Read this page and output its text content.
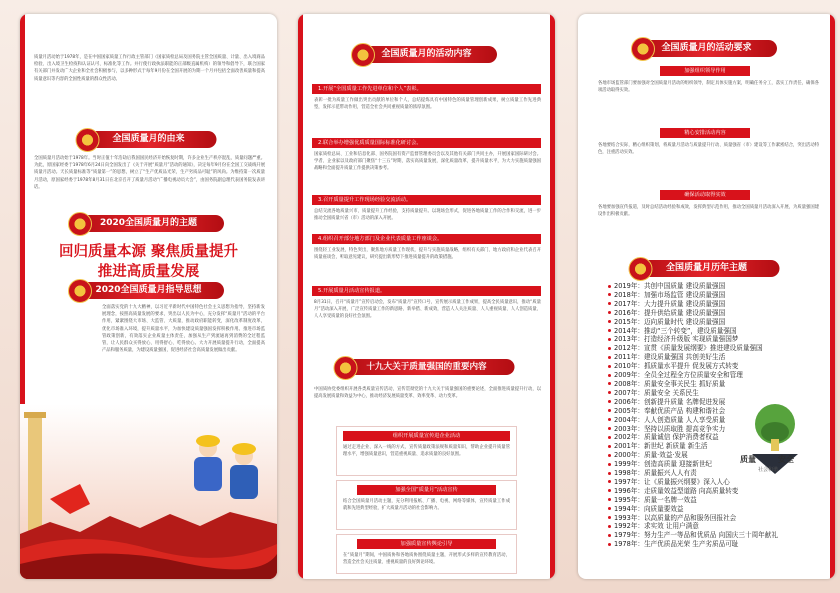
质量月活动始于1978年，是在中国国家质量工作行政主管部门（国家质检总局及国务院主管全国质量、计量、出入境商品检验、出入境卫生检疫和认证认可、标准化等工作。并行使行政执法职能的正部级直属机构）的领导和倡导下，联合国家有关部门并发动广大企业和全社会积极参与，以多种形式于每年9月份在全国开展的为期一个月并包括全面改善质量和提高质量意识等内容的全国性质量的群众性活动。
全国质量月的由来
全国质量月活动始于1978年。当时正值十年浩劫后我国国民经济开始恢复时期，许多企业生产秩序混乱，质量问题严重。为此，原国家经委于1978年6月24日向全国发出了《关于开展“质量月”活动的通知》，决定每年9月份在全国工交战线开展质量月活动。天长质量标准等“质量第一”的思想，树立了“生产优质品光荣，生产劣质品可耻”的风尚。为维持第一次质量月活动，原国家经委于1978年8月31日在北京召开了质量月活动“广播电视动员大会”，由国务院副总理代表国务院发表讲话。
2020全国质量月的主题
回归质量本源 聚焦质量提升
推进高质量发展
2020全国质量月指导思想
全面落实党的十九大精神，以习近平新时代中国特色社会主义思想为指导，坚持新发展理念，按照高质量发展的要求，突出以人民为中心，充分发挥“质量月”活动的平台作用，紧紧围绕大市场、大监管、大质量，推动政府职能转变，深化改革制度改革，优化市场准入环境，提升质量水平，为加快建设质量强国发挥积极作用。推进市场监管政策创新，有效落实企业质量主体责任，加强从生产到流通再到消费的全过程监管，让人民群众买得放心、用得舒心、吃得放心。大力开展质量提升行动，全面提高产品和服务质量，为建设质量强国，促进经济社会高质量发展做出贡献。
全国质量月的活动内容
1.开展“全国质量工作先进单位和个人”表彰。
表彰一批为质量工作做出突出贡献的单位和个人，总结提炼具有中国特色的质量管理创新成果，树立质量工作先进典型，发挥示范带动作用，营造全社会共同重视质量的浓厚氛围。
2.联合举办增强优质质量国际标准化研讨会。
国家质检总局、工业和信息化部、国务院国有资产监督管理委员会以及其他有关部门共同主办，开展国家国际研讨会。学者、企业家以及政府部门聚焦“十三五”时期，落实高质量发展，深化质量改革，提升质量水平，为大力实施质量强国战略和全面提升质量工作提供决策参考。
3.召开质量提升工作现场经验交流活动。
总结交流各地质量兴市、质量提升工作经验，支持质量提升。以现场会形式，促进各地质量工作的合作和交流，进一步推动全国质量兴省（市）活动的深入开展。
4.组织召开部分地方部门及企业代表质量工作座谈会。
围绕轻工业发展，特色突出，聚焦地方质量工作现状，提升与实施质量战略，组织有关部门、地方政府和企业代表召开质量座谈会，听取意见建议，研究提出新形势下推进质量提升的政策措施。
5.开展质量月活动宣传报道。
8月31日，召开“质量月”宣传启动会，发布“质量月”宣传口号，宣传展示质量工作成果，提高全民质量意识，推动“质量月”活动深入开展，广泛宣传质量工作的新思路、新举措、新成效，营造人人关注质量、人人重视质量、人人创造质量、人人享受质量的良好社会氛围。
十九大关于质量强国的重要内容
中国质协党委组织开展各类质量宣传活动，宣传贯彻党的十九大关于质量强国的重要论述，全面推进质量提升行动，以提高发展质量和效益为中心，推动经济发展质量变革、效率变革、动力变革。
组织开展质量宣传进企业活动
通过走进企业、深入一线的方式，宣传质量政策法规和质量知识，帮助企业提升质量管理水平，增强质量意识，营造重视质量、追求质量的良好氛围。
加强全国“质量月”活动宣传
结合全国质量月活动主题，充分利用报纸、广播、电视、网络等媒体，宣传质量工作成就和先进典型经验，扩大质量月活动的社会影响力。
加强质量宣传舆论引导
在“质量月”期间，中国质协和各地质协围绕质量主题，开展形式多样的宣传教育活动，营造全社会关注质量、重视质量的良好舆论环境。
全国质量月的活动要求
加强组织领导作用
各地市场监管部门要加强对全国质量月活动的组织领导，制定具体实施方案，明确任务分工，落实工作责任，确保各项活动取得实效。
精心安排活动内容
各地要结合实际，精心组织策划，将质量月活动与质量提升行动、质量强省（市）建设等工作紧密结合，突出活动特色，注重活动实效。
确保活动取得实效
各地要加强宣传报道，及时总结活动经验和成效，发挥典型示范作用，推动全国质量月活动深入开展，为质量强国建设作出积极贡献。
全国质量月历年主题
2019年：共创中国质量 建设质量强国
2018年：加强市场监管 建设质量强国
2017年：大力提升质量 建设质量强国
2016年：提升供给质量 建设质量强国
2015年：迈向质量时代 建设质量强国
2014年：推动“三个转变”，建设质量强国
2013年：打造经济升级版 实现质量强国梦
2012年：宣贯《质量发展纲要》推进建设质量强国
2011年：建设质量强国 共创美好生活
2010年：抓质量水平提升 促发展方式转变
2009年：全员全过程全方位质量安全和管理
2008年：质量安全事关民生 抓好质量
2007年：质量安全 关系民生
2006年：创新提升质量 名牌促进发展
2005年：奉献优质产品 构建和谐社会
2004年：人人创造质量 人人享受质量
2003年：坚持以质取胜 提高竞争实力
2002年：质量诚信 保护消费者权益
2001年：新世纪 新质量 新生活
2000年：质量·效益·发展
1999年：创造高质量 迎接新世纪
1998年：质量振兴人人有责
1997年：让《质量振兴纲要》深入人心
1996年：走质量效益型道路 向高质量转变
1995年：质量一名牌一效益
1994年：向质量要效益
1993年：以高质量的产品和服务回报社会
1992年：求实效 让用户满意
1979年：努力生产一等品和优质品 向国庆三十周年献礼
1978年：生产优质品光荣 生产劣质品可耻
质量	安全
社会和谐
